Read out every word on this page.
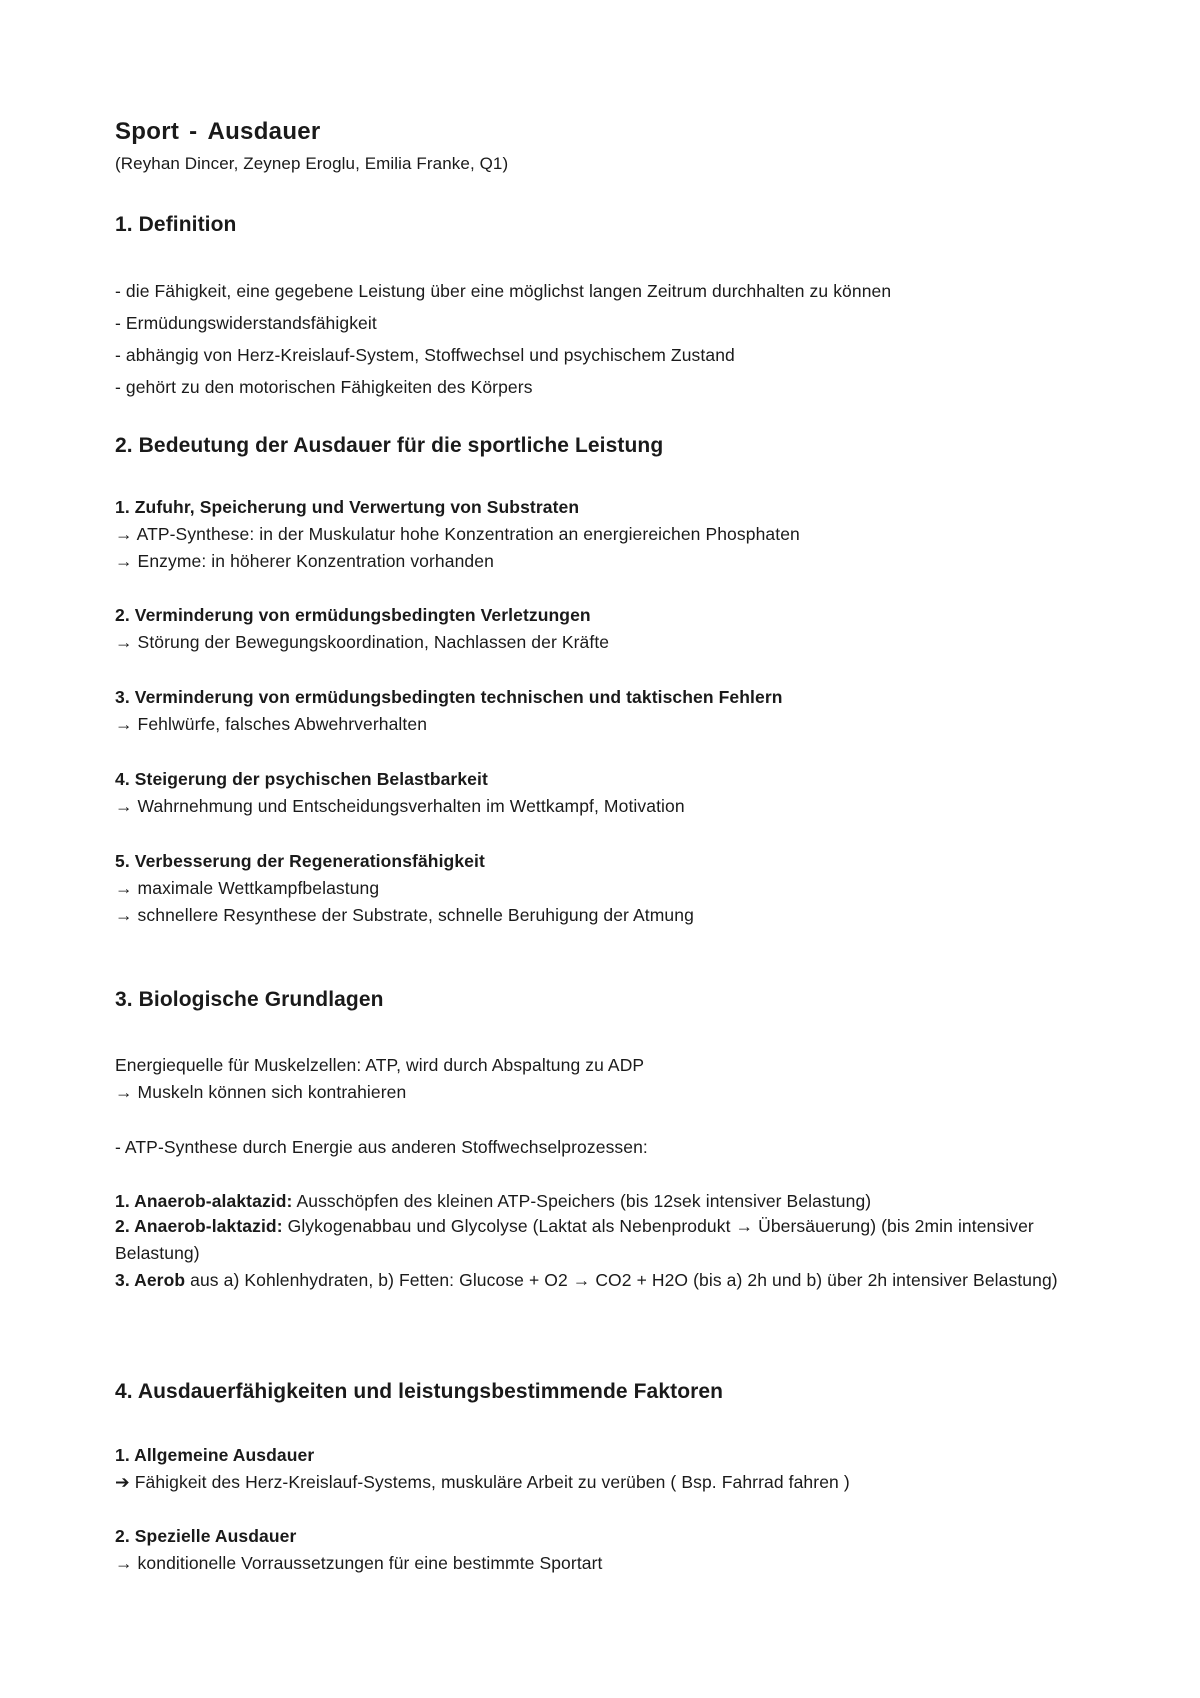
Sport - Ausdauer

(Reyhan Dincer, Zeynep Eroglu, Emilia Franke, Q1)

1. Definition

- die Fähigkeit, eine gegebene Leistung über eine möglichst langen Zeitrum durchhalten zu können

- Ermüdungswiderstandsfähigkeit

- abhängig von Herz-Kreislauf-System, Stoffwechsel und psychischem Zustand

- gehört zu den motorischen Fähigkeiten des Körpers

2. Bedeutung der Ausdauer für die sportliche Leistung

1. Zufuhr, Speicherung und Verwertung von Substraten

→ ATP-Synthese: in der Muskulatur hohe Konzentration an energiereichen Phosphaten

→ Enzyme: in höherer Konzentration vorhanden

2. Verminderung von ermüdungsbedingten Verletzungen

→ Störung der Bewegungskoordination, Nachlassen der Kräfte

3. Verminderung von ermüdungsbedingten technischen und taktischen Fehlern

→ Fehlwürfe, falsches Abwehrverhalten

4. Steigerung der psychischen Belastbarkeit

→ Wahrnehmung und Entscheidungsverhalten im Wettkampf, Motivation

5. Verbesserung der Regenerationsfähigkeit

→ maximale Wettkampfbelastung

→ schnellere Resynthese der Substrate, schnelle Beruhigung der Atmung

3. Biologische Grundlagen

Energiequelle für Muskelzellen: ATP, wird durch Abspaltung zu ADP

→ Muskeln können sich kontrahieren

- ATP-Synthese durch Energie aus anderen Stoffwechselprozessen:

1. Anaerob-alaktazid: Ausschöpfen des kleinen ATP-Speichers (bis 12sek intensiver Belastung)

2. Anaerob-laktazid: Glykogenabbau und Glycolyse (Laktat als Nebenprodukt → Übersäuerung) (bis 2min intensiver Belastung)

3. Aerob aus a) Kohlenhydraten, b) Fetten: Glucose + O2 → CO2 + H2O (bis a) 2h und b) über 2h intensiver Belastung)

4. Ausdauerfähigkeiten und leistungsbestimmende Faktoren

1. Allgemeine Ausdauer

➔ Fähigkeit des Herz-Kreislauf-Systems, muskuläre Arbeit zu verüben ( Bsp. Fahrrad fahren )

2. Spezielle Ausdauer

→ konditionelle Vorraussetzungen für eine bestimmte Sportart
